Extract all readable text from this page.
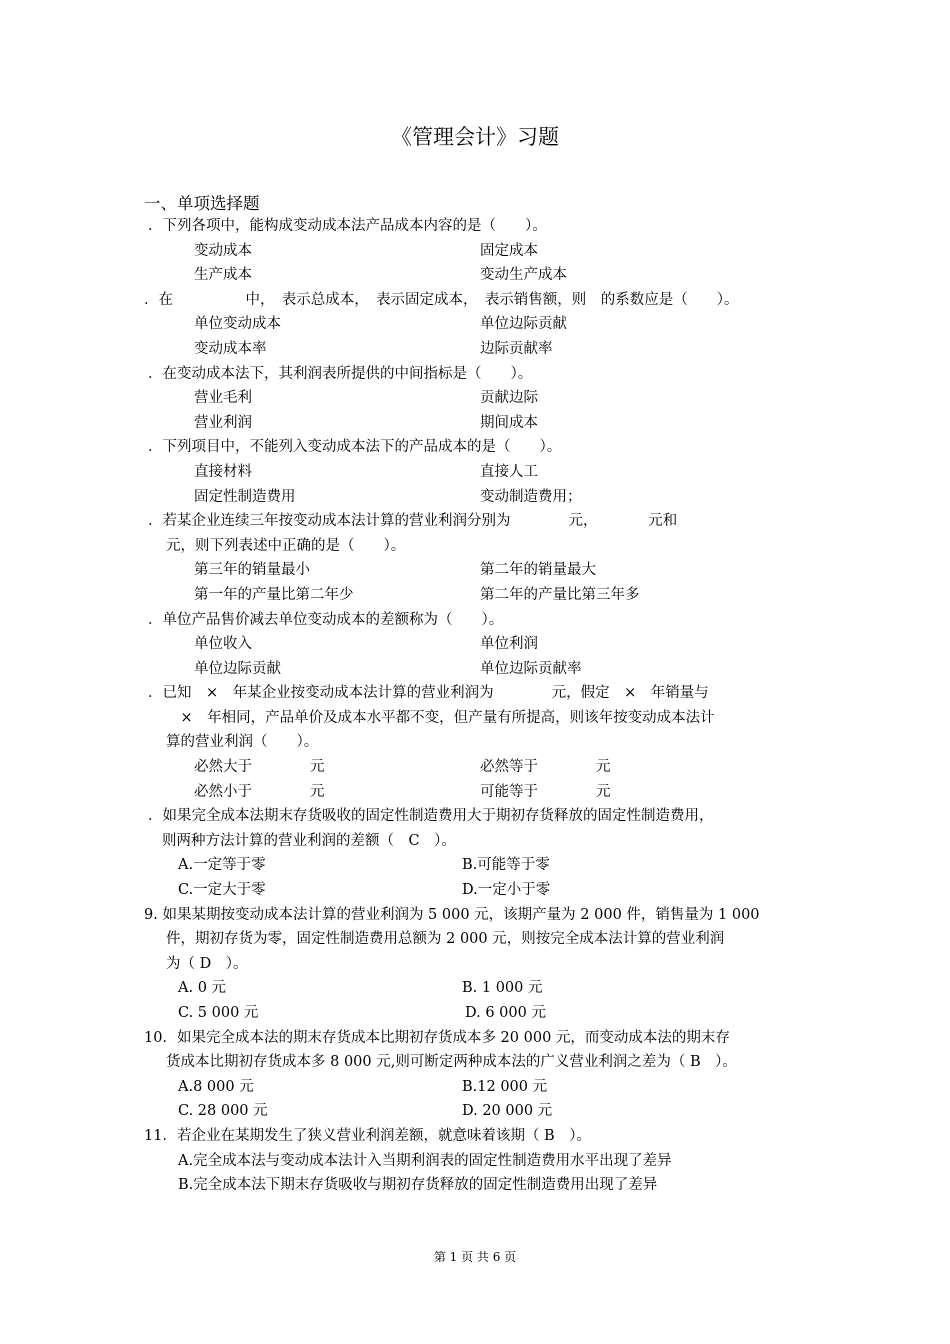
《管理会计》习题
一、单项选择题
．下列各项中，能构成变动成本法产品成本内容的是（　　）。
变动成本	固定成本
生产成本	变动生产成本
．在　　　　　中，　表示总成本，　表示固定成本，　表示销售额，则　的系数应是（　　）。
单位变动成本	单位边际贡献
变动成本率	边际贡献率
．在变动成本法下，其利润表所提供的中间指标是（　　）。
营业毛利	贡献边际
营业利润	期间成本
．下列项目中，不能列入变动成本法下的产品成本的是（　　）。
直接材料	直接人工
固定性制造费用	变动制造费用；
．若某企业连续三年按变动成本法计算的营业利润分别为　　　　元，　　　　元和
元，则下列表述中正确的是（　　）。
第三年的销量最小	第二年的销量最大
第一年的产量比第二年少	第二年的产量比第三年多
．单位产品售价减去单位变动成本的差额称为（　　）。
单位收入	单位利润
单位边际贡献	单位边际贡献率
．已知　×　年某企业按变动成本法计算的营业利润为　　　　元，假定　×　年销量与
　×　年相同，产品单价及成本水平都不变，但产量有所提高，则该年按变动成本法计
算的营业利润（　　）。
必然大于　　　　元	必然等于　　　　元
必然小于　　　　元	可能等于　　　　元
．如果完全成本法期末存货吸收的固定性制造费用大于期初存货释放的固定性制造费用，
则两种方法计算的营业利润的差额（　C　）。
A.一定等于零	B.可能等于零
C.一定大于零	D.一定小于零
9. 如果某期按变动成本法计算的营业利润为 5 000 元，该期产量为 2 000 件，销售量为 1 000
件，期初存货为零，固定性制造费用总额为 2 000 元，则按完全成本法计算的营业利润
为（ D　）。
A. 0 元	B. 1 000 元
C. 5 000 元	D. 6 000 元
10．如果完全成本法的期末存货成本比期初存货成本多 20 000 元，而变动成本法的期末存
货成本比期初存货成本多 8 000 元,则可断定两种成本法的广义营业利润之差为（ B　）。
A.8 000 元	B.12 000 元
C. 28 000 元	D. 20 000 元
11．若企业在某期发生了狭义营业利润差额，就意味着该期（ B　）。
A.完全成本法与变动成本法计入当期利润表的固定性制造费用水平出现了差异
B.完全成本法下期末存货吸收与期初存货释放的固定性制造费用出现了差异
第 1 页 共 6 页
